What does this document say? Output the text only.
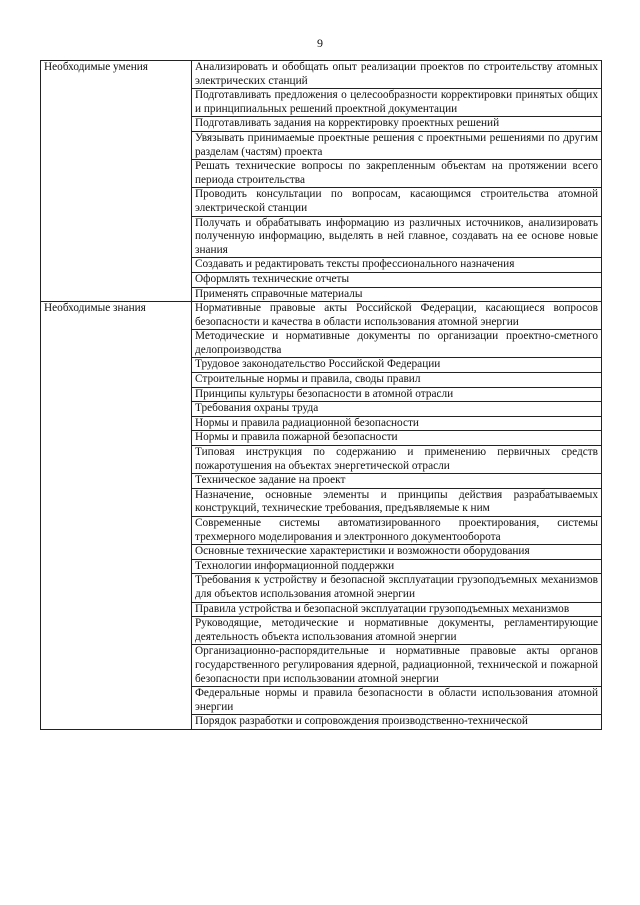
9
Необходимые умения	Анализировать и обобщать опыт реализации проектов по строительству атомных электрических станций
	Подготавливать предложения о целесообразности корректировки принятых общих и принципиальных решений проектной документации
	Подготавливать задания на корректировку проектных решений
	Увязывать принимаемые проектные решения с проектными решениями по другим разделам (частям) проекта
	Решать технические вопросы по закрепленным объектам на протяжении всего периода строительства
	Проводить консультации по вопросам, касающимся строительства атомной электрической станции
	Получать и обрабатывать информацию из различных источников, анализировать полученную информацию, выделять в ней главное, создавать на ее основе новые знания
	Создавать и редактировать тексты профессионального назначения
	Оформлять технические отчеты
	Применять справочные материалы
Необходимые знания	Нормативные правовые акты Российской Федерации, касающиеся вопросов безопасности и качества в области использования атомной энергии
	Методические и нормативные документы по организации проектно-сметного делопроизводства
	Трудовое законодательство Российской Федерации
	Строительные нормы и правила, своды правил
	Принципы культуры безопасности в атомной отрасли
	Требования охраны труда
	Нормы и правила радиационной безопасности
	Нормы и правила пожарной безопасности
	Типовая инструкция по содержанию и применению первичных средств пожаротушения на объектах энергетической отрасли
	Техническое задание на проект
	Назначение, основные элементы и принципы действия разрабатываемых конструкций, технические требования, предъявляемые к ним
	Современные системы автоматизированного проектирования, системы трехмерного моделирования и электронного документооборота
	Основные технические характеристики и возможности оборудования
	Технологии информационной поддержки
	Требования к устройству и безопасной эксплуатации грузоподъемных механизмов для объектов использования атомной энергии
	Правила устройства и безопасной эксплуатации грузоподъемных механизмов
	Руководящие, методические и нормативные документы, регламентирующие деятельность объекта использования атомной энергии
	Организационно-распорядительные и нормативные правовые акты органов государственного регулирования ядерной, радиационной, технической и пожарной безопасности при использовании атомной энергии
	Федеральные нормы и правила безопасности в области использования атомной энергии
	Порядок разработки и сопровождения производственно-технической
